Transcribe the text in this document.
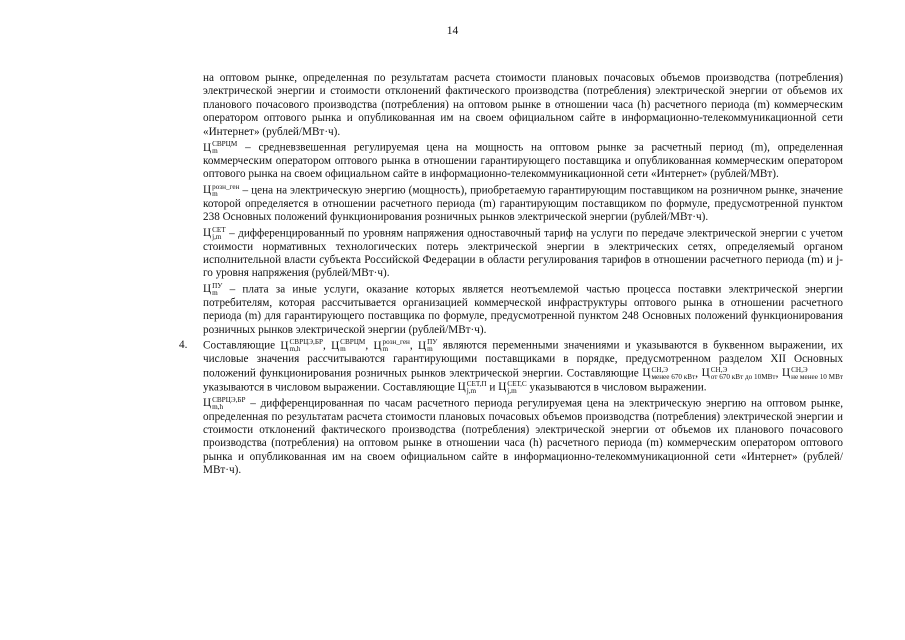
14

на оптовом рынке, определенная по результатам расчета стоимости плановых почасовых объемов производства (потребления) электрической энергии и стоимости отклонений фактического производства (потребления) электрической энергии от объемов их планового почасового производства (потребления) на оптовом рынке в отношении часа (h) расчетного периода (m) коммерческим оператором оптового рынка и опубликованная им на своем официальном сайте в информационно-телекоммуникационной сети «Интернет» (рублей/МВт·ч).

Ц СВРЦМ
m	– средневзвешенная регулируемая цена на мощность на оптовом рынке за расчетный период (m), определенная коммерческим оператором оптового рынка в отношении гарантирующего поставщика и опубликованная коммерческим оператором оптового рынка на своем официальном сайте в информационно-телекоммуникационной сети «Интернет» (рублей/МВт).

Ц розн_ген
m	– цена на электрическую энергию (мощность), приобретаемую гарантирующим поставщиком на розничном рынке, значение которой определяется в отношении расчетного периода (m) гарантирующим поставщиком по формуле, предусмотренной пунктом 238 Основных положений функционирования розничных рынков электрической энергии (рублей/МВт·ч).

Ц СЕТ
j,m – дифференцированный по уровням напряжения одноставочный тариф на услуги по передаче электрической энергии с учетом стоимости нормативных технологических потерь электрической энергии в электрических сетях, определяемый органом исполнительной власти субъекта Российской Федерации в области регулирования тарифов в отношении расчетного периода (m) и j-го уровня напряжения (рублей/МВт·ч).

Ц ПУ
m – плата за иные услуги, оказание которых является неотъемлемой частью процесса поставки электрической энергии потребителям, которая рассчитывается организацией коммерческой инфраструктуры оптового рынка в отношении расчетного периода (m) для гарантирующего поставщика по формуле, предусмотренной пунктом 248 Основных положений функционирования розничных рынков электрической энергии (рублей/МВт·ч).

4. Составляющие Ц СВРЦЭ,БР
m,h	, Ц СВРЦМ
m	, Ц розн_ген
m	, Ц ПУ
m являются переменными значениями и указываются в буквенном выражении, их числовые значения рассчитываются гарантирующими поставщиками в порядке, предусмотренном разделом XII Основных положений функционирования розничных рынков электрической энергии. Составляющие Ц СН,Э
менее 670 кВт , Ц СН,Э
от 670 кВт до 10МВт , Ц СН,Э
не менее 10 МВт
указываются в числовом выражении. Составляющие Ц СЕТ,П
j,m и Ц СЕТ,С
j,m указываются в числовом выражении.

Ц СВРЦЭ,БР
m,h	– дифференцированная по часам расчетного периода регулируемая цена на электрическую энергию на оптовом рынке, определенная по результатам расчета стоимости плановых почасовых объемов производства (потребления) электрической энергии и стоимости отклонений фактического производства (потребления) электрической энергии от объемов их планового почасового производства (потребления) на оптовом рынке в отношении часа (h) расчетного периода (m) коммерческим оператором оптового рынка и опубликованная им на своем официальном сайте в информационно-телекоммуникационной сети «Интернет» (рублей/МВт·ч).
